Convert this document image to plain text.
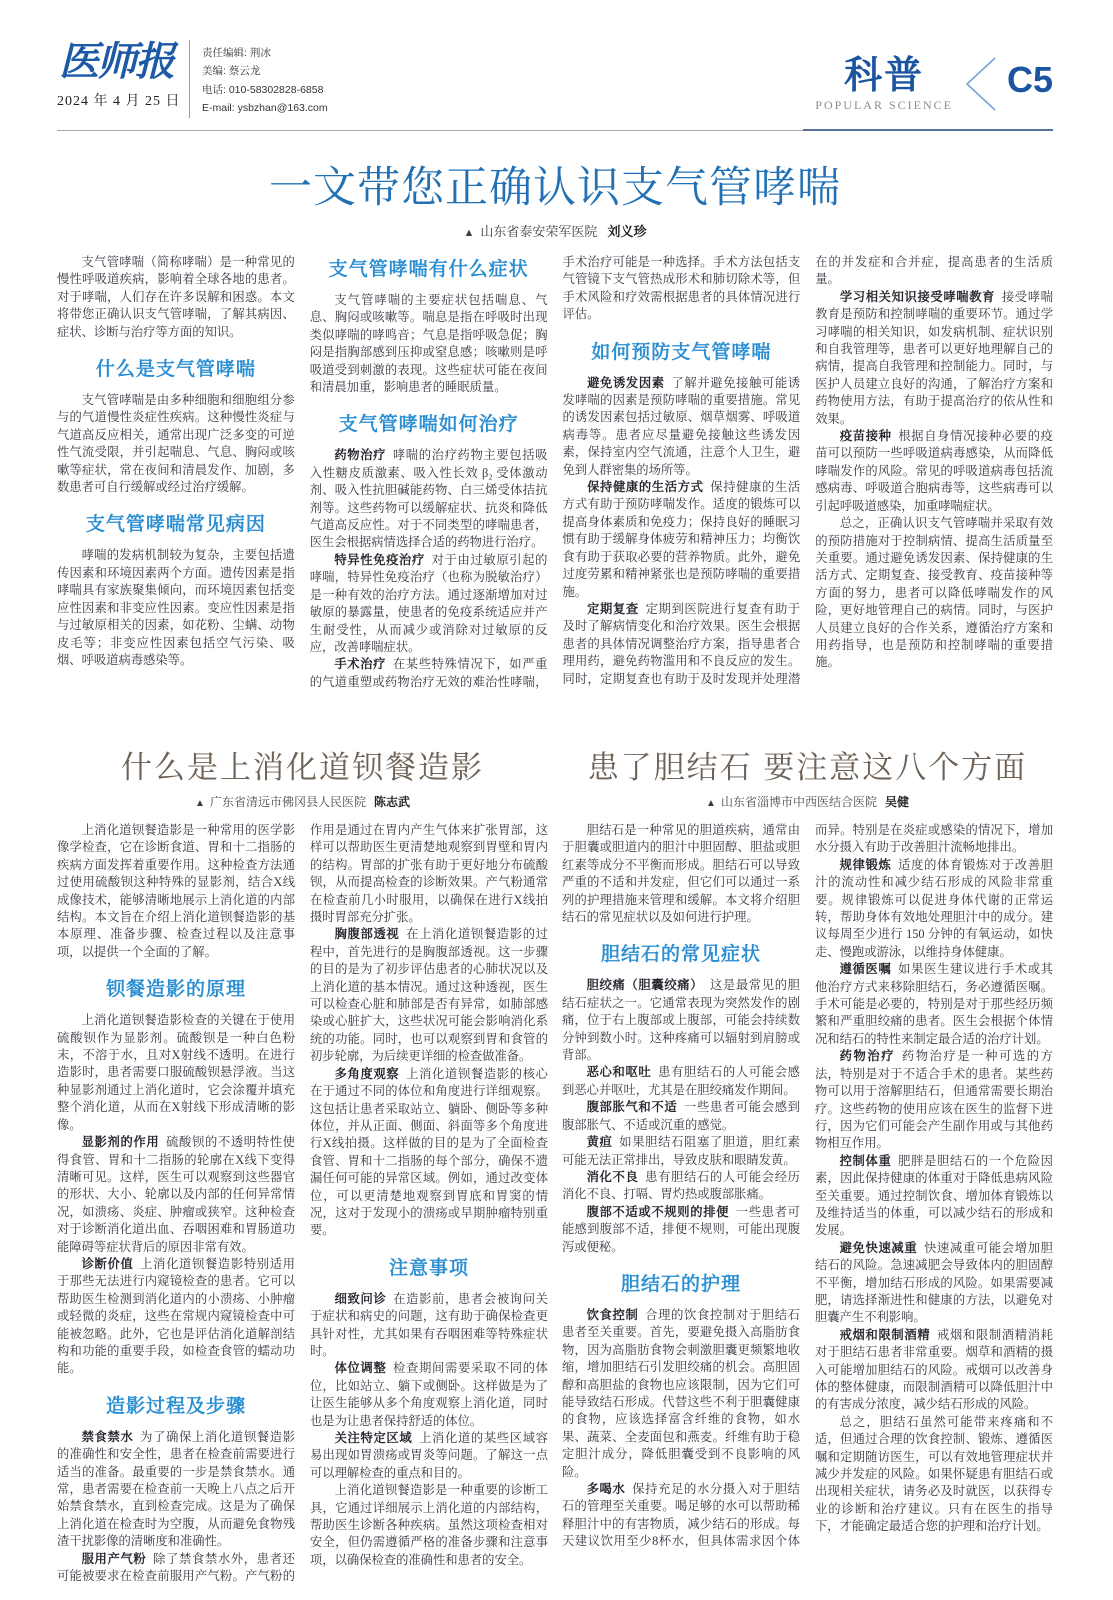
医师报
2024 年 4 月 25 日
责任编辑: 荆冰
美编: 蔡云龙
电话: 010-58302828-6858
E-mail: ysbzhan@163.com
科普
POPULAR SCIENCE
C5
一文带您正确认识支气管哮喘
▲ 山东省泰安荣军医院 刘义珍

支气管哮喘（简称哮喘）是一种常见的慢性呼吸道疾病，影响着全球各地的患者。对于哮喘，人们存在许多误解和困惑。本文将带您正确认识支气管哮喘，了解其病因、症状、诊断与治疗等方面的知识。

什么是支气管哮喘

支气管哮喘是由多种细胞和细胞组分参与的气道慢性炎症性疾病。这种慢性炎症与气道高反应相关，通常出现广泛多变的可逆性气流受限，并引起喘息、气息、胸闷或咳嗽等症状，常在夜间和清晨发作、加剧，多数患者可自行缓解或经过治疗缓解。

支气管哮喘常见病因

哮喘的发病机制较为复杂，主要包括遗传因素和环境因素两个方面。遗传因素是指哮喘具有家族聚集倾向，而环境因素包括变应性因素和非变应性因素。变应性因素是指与过敏原相关的因素，如花粉、尘螨、动物皮毛等；非变应性因素包括空气污染、吸烟、呼吸道病毒感染等。

支气管哮喘有什么症状

支气管哮喘的主要症状包括喘息、气息、胸闷或咳嗽等。喘息是指在呼吸时出现类似哮喘的哮鸣音；气息是指呼吸急促；胸闷是指胸部感到压抑或窒息感；咳嗽则是呼吸道受到刺激的表现。这些症状可能在夜间和清晨加重，影响患者的睡眠质量。

支气管哮喘如何治疗

药物治疗 哮喘的治疗药物主要包括吸入性糖皮质激素、吸入性长效 β₂ 受体激动剂、吸入性抗胆碱能药物、白三烯受体拮抗剂等。这些药物可以缓解症状、抗炎和降低气道高反应性。对于不同类型的哮喘患者，医生会根据病情选择合适的药物进行治疗。

特异性免疫治疗 对于由过敏原引起的哮喘，特异性免疫治疗（也称为脱敏治疗）是一种有效的治疗方法。通过逐渐增加对过敏原的暴露量，使患者的免疫系统适应并产生耐受性，从而减少或消除对过敏原的反应，改善哮喘症状。

手术治疗 在某些特殊情况下，如严重的气道重塑或药物治疗无效的难治性哮喘，手术治疗可能是一种选择。手术方法包括支气管镜下支气管热成形术和肺切除术等，但手术风险和疗效需根据患者的具体情况进行评估。

如何预防支气管哮喘

避免诱发因素 了解并避免接触可能诱发哮喘的因素是预防哮喘的重要措施。常见的诱发因素包括过敏原、烟草烟雾、呼吸道病毒等。患者应尽量避免接触这些诱发因素，保持室内空气流通，注意个人卫生，避免到人群密集的场所等。

保持健康的生活方式 保持健康的生活方式有助于预防哮喘发作。适度的锻炼可以提高身体素质和免疫力；保持良好的睡眠习惯有助于缓解身体疲劳和精神压力；均衡饮食有助于获取必要的营养物质。此外，避免过度劳累和精神紧张也是预防哮喘的重要措施。

定期复查 定期到医院进行复查有助于及时了解病情变化和治疗效果。医生会根据患者的具体情况调整治疗方案，指导患者合理用药，避免药物滥用和不良反应的发生。同时，定期复查也有助于及时发现并处理潜在的并发症和合并症，提高患者的生活质量。

学习相关知识接受哮喘教育 接受哮喘教育是预防和控制哮喘的重要环节。通过学习哮喘的相关知识，如发病机制、症状识别和自我管理等，患者可以更好地理解自己的病情，提高自我管理和控制能力。同时，与医护人员建立良好的沟通，了解治疗方案和药物使用方法，有助于提高治疗的依从性和效果。

疫苗接种 根据自身情况接种必要的疫苗可以预防一些呼吸道病毒感染，从而降低哮喘发作的风险。常见的呼吸道病毒包括流感病毒、呼吸道合胞病毒等，这些病毒可以引起呼吸道感染，加重哮喘症状。

总之，正确认识支气管哮喘并采取有效的预防措施对于控制病情、提高生活质量至关重要。通过避免诱发因素、保持健康的生活方式、定期复查、接受教育、疫苗接种等方面的努力，患者可以降低哮喘发作的风险，更好地管理自己的病情。同时，与医护人员建立良好的合作关系，遵循治疗方案和用药指导，也是预防和控制哮喘的重要措施。

什么是上消化道钡餐造影
▲ 广东省清远市佛冈县人民医院 陈志武

上消化道钡餐造影是一种常用的医学影像学检查，它在诊断食道、胃和十二指肠的疾病方面发挥着重要作用。这种检查方法通过使用硫酸钡这种特殊的显影剂，结合X线成像技术，能够清晰地展示上消化道的内部结构。本文旨在介绍上消化道钡餐造影的基本原理、准备步骤、检查过程以及注意事项，以提供一个全面的了解。

钡餐造影的原理

上消化道钡餐造影检查的关键在于使用硫酸钡作为显影剂。硫酸钡是一种白色粉末，不溶于水，且对X射线不透明。在进行造影时，患者需要口服硫酸钡悬浮液。当这种显影剂通过上消化道时，它会涂覆并填充整个消化道，从而在X射线下形成清晰的影像。

显影剂的作用 硫酸钡的不透明特性使得食管、胃和十二指肠的轮廓在X线下变得清晰可见。这样，医生可以观察到这些器官的形状、大小、轮廓以及内部的任何异常情况，如溃疡、炎症、肿瘤或狭窄。这种检查对于诊断消化道出血、吞咽困难和胃肠道功能障碍等症状背后的原因非常有效。

诊断价值 上消化道钡餐造影特别适用于那些无法进行内窥镜检查的患者。它可以帮助医生检测到消化道内的小溃疡、小肿瘤或轻微的炎症，这些在常规内窥镜检查中可能被忽略。此外，它也是评估消化道解剖结构和功能的重要手段，如检查食管的蠕动功能。

造影过程及步骤

禁食禁水 为了确保上消化道钡餐造影的准确性和安全性，患者在检查前需要进行适当的准备。最重要的一步是禁食禁水。通常，患者需要在检查前一天晚上八点之后开始禁食禁水，直到检查完成。这是为了确保上消化道在检查时为空腹，从而避免食物残渣干扰影像的清晰度和准确性。

服用产气粉 除了禁食禁水外，患者还可能被要求在检查前服用产气粉。产气粉的作用是通过在胃内产生气体来扩张胃部，这样可以帮助医生更清楚地观察到胃壁和胃内的结构。胃部的扩张有助于更好地分布硫酸钡，从而提高检查的诊断效果。产气粉通常在检查前几小时服用，以确保在进行X线拍摄时胃部充分扩张。

胸腹部透视 在上消化道钡餐造影的过程中，首先进行的是胸腹部透视。这一步骤的目的是为了初步评估患者的心肺状况以及上消化道的基本情况。通过这种透视，医生可以检查心脏和肺部是否有异常，如肺部感染或心脏扩大，这些状况可能会影响消化系统的功能。同时，也可以观察到胃和食管的初步轮廓，为后续更详细的检查做准备。

多角度观察 上消化道钡餐造影的核心在于通过不同的体位和角度进行详细观察。这包括让患者采取站立、躺卧、侧卧等多种体位，并从正面、侧面、斜面等多个角度进行X线拍摄。这样做的目的是为了全面检查食管、胃和十二指肠的每个部分，确保不遗漏任何可能的异常区域。例如，通过改变体位，可以更清楚地观察到胃底和胃窦的情况，这对于发现小的溃疡或早期肿瘤特别重要。

注意事项

细致问诊 在造影前，患者会被询问关于症状和病史的问题，这有助于确保检查更具针对性，尤其如果有吞咽困难等特殊症状时。

体位调整 检查期间需要采取不同的体位，比如站立、躺下或侧卧。这样做是为了让医生能够从多个角度观察上消化道，同时也是为让患者保持舒适的体位。

关注特定区域 上消化道的某些区域容易出现如胃溃疡或胃炎等问题。了解这一点可以理解检查的重点和目的。

上消化道钡餐造影是一种重要的诊断工具，它通过详细展示上消化道的内部结构，帮助医生诊断各种疾病。虽然这项检查相对安全，但仍需遵循严格的准备步骤和注意事项，以确保检查的准确性和患者的安全。

患了胆结石 要注意这八个方面
▲ 山东省淄博市中西医结合医院 吴健

胆结石是一种常见的胆道疾病，通常由于胆囊或胆道内的胆汁中胆固醇、胆盐或胆红素等成分不平衡而形成。胆结石可以导致严重的不适和并发症，但它们可以通过一系列的护理措施来管理和缓解。本文将介绍胆结石的常见症状以及如何进行护理。

胆结石的常见症状

胆绞痛（胆囊绞痛） 这是最常见的胆结石症状之一。它通常表现为突然发作的剧痛，位于右上腹部或上腹部，可能会持续数分钟到数小时。这种疼痛可以辐射到肩膀或背部。

恶心和呕吐 患有胆结石的人可能会感到恶心并呕吐，尤其是在胆绞痛发作期间。

腹部胀气和不适 一些患者可能会感到腹部胀气、不适或沉重的感觉。

黄疸 如果胆结石阻塞了胆道，胆红素可能无法正常排出，导致皮肤和眼睛发黄。

消化不良 患有胆结石的人可能会经历消化不良、打嗝、胃灼热或腹部胀痛。

腹部不适或不规则的排便 一些患者可能感到腹部不适，排便不规则，可能出现腹泻或便秘。

胆结石的护理

饮食控制 合理的饮食控制对于胆结石患者至关重要。首先，要避免摄入高脂肪食物，因为高脂肪食物会刺激胆囊更频繁地收缩，增加胆结石引发胆绞痛的机会。高胆固醇和高胆盐的食物也应该限制，因为它们可能导致结石形成。代替这些不利于胆囊健康的食物，应该选择富含纤维的食物，如水果、蔬菜、全麦面包和燕麦。纤维有助于稳定胆汁成分，降低胆囊受到不良影响的风险。

多喝水 保持充足的水分摄入对于胆结石的管理至关重要。喝足够的水可以帮助稀释胆汁中的有害物质，减少结石的形成。每天建议饮用至少8杯水，但具体需求因个体而异。特别是在炎症或感染的情况下，增加水分摄入有助于改善胆汁流畅地排出。

规律锻炼 适度的体育锻炼对于改善胆汁的流动性和减少结石形成的风险非常重要。规律锻炼可以促进身体代谢的正常运转，帮助身体有效地处理胆汁中的成分。建议每周至少进行 150 分钟的有氧运动，如快走、慢跑或游泳，以维持身体健康。

遵循医嘱 如果医生建议进行手术或其他治疗方式来移除胆结石，务必遵循医嘱。手术可能是必要的，特别是对于那些经历频繁和严重胆绞痛的患者。医生会根据个体情况和结石的特性来制定最合适的治疗计划。

药物治疗 药物治疗是一种可选的方法，特别是对于不适合手术的患者。某些药物可以用于溶解胆结石，但通常需要长期治疗。这些药物的使用应该在医生的监督下进行，因为它们可能会产生副作用或与其他药物相互作用。

控制体重 肥胖是胆结石的一个危险因素，因此保持健康的体重对于降低患病风险至关重要。通过控制饮食、增加体育锻炼以及维持适当的体重，可以减少结石的形成和发展。

避免快速减重 快速减重可能会增加胆结石的风险。急速减肥会导致体内的胆固醇不平衡，增加结石形成的风险。如果需要减肥，请选择渐进性和健康的方法，以避免对胆囊产生不利影响。

戒烟和限制酒精 戒烟和限制酒精消耗对于胆结石患者非常重要。烟草和酒精的摄入可能增加胆结石的风险。戒烟可以改善身体的整体健康，而限制酒精可以降低胆汁中的有害成分浓度，减少结石形成的风险。

总之，胆结石虽然可能带来疼痛和不适，但通过合理的饮食控制、锻炼、遵循医嘱和定期随访医生，可以有效地管理症状并减少并发症的风险。如果怀疑患有胆结石或出现相关症状，请务必及时就医，以获得专业的诊断和治疗建议。只有在医生的指导下，才能确定最适合您的护理和治疗计划。
